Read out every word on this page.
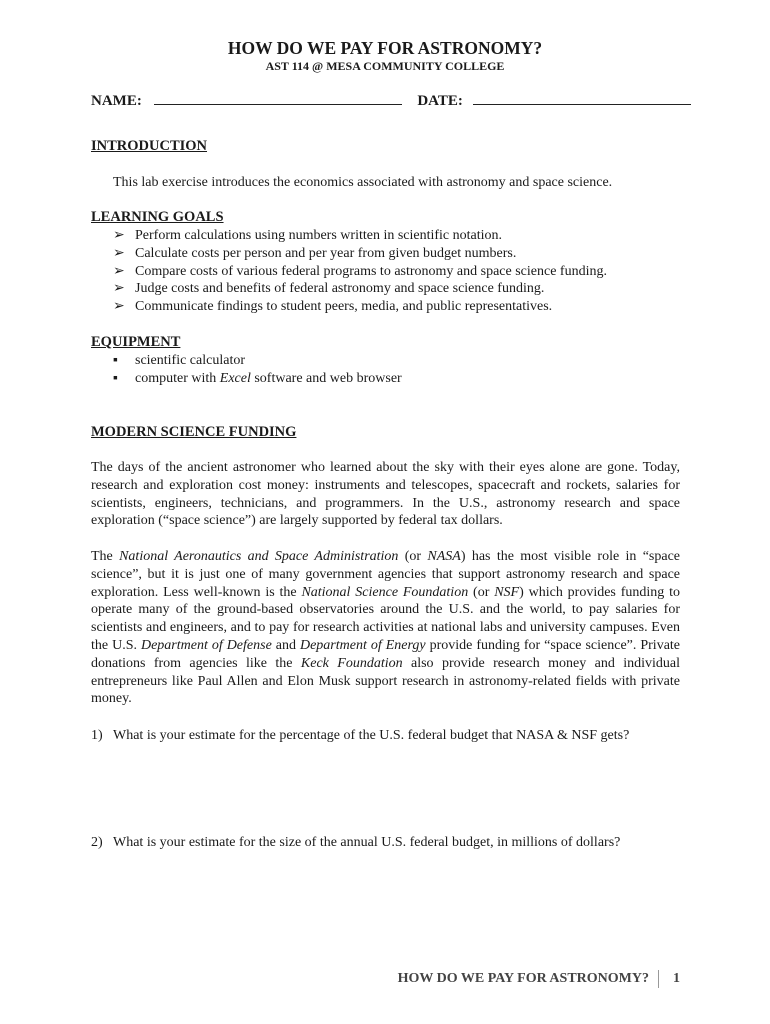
HOW DO WE PAY FOR ASTRONOMY?
AST 114 @ MESA COMMUNITY COLLEGE
NAME:	DATE:
INTRODUCTION
This lab exercise introduces the economics associated with astronomy and space science.
LEARNING GOALS
➢ Perform calculations using numbers written in scientific notation.
➢ Calculate costs per person and per year from given budget numbers.
➢ Compare costs of various federal programs to astronomy and space science funding.
➢ Judge costs and benefits of federal astronomy and space science funding.
➢ Communicate findings to student peers, media, and public representatives.
EQUIPMENT
▪ scientific calculator
▪ computer with Excel software and web browser
MODERN SCIENCE FUNDING
The days of the ancient astronomer who learned about the sky with their eyes alone are gone. Today, research and exploration cost money: instruments and telescopes, spacecraft and rockets, salaries for scientists, engineers, technicians, and programmers. In the U.S., astronomy research and space exploration (“space science”) are largely supported by federal tax dollars.
The National Aeronautics and Space Administration (or NASA) has the most visible role in “space science”, but it is just one of many government agencies that support astronomy research and space exploration. Less well-known is the National Science Foundation (or NSF) which provides funding to operate many of the ground-based observatories around the U.S. and the world, to pay salaries for scientists and engineers, and to pay for research activities at national labs and university campuses. Even the U.S. Department of Defense and Department of Energy provide funding for “space science”. Private donations from agencies like the Keck Foundation also provide research money and individual entrepreneurs like Paul Allen and Elon Musk support research in astronomy-related fields with private money.
1) What is your estimate for the percentage of the U.S. federal budget that NASA & NSF gets?
2) What is your estimate for the size of the annual U.S. federal budget, in millions of dollars?
HOW DO WE PAY FOR ASTRONOMY? 1
